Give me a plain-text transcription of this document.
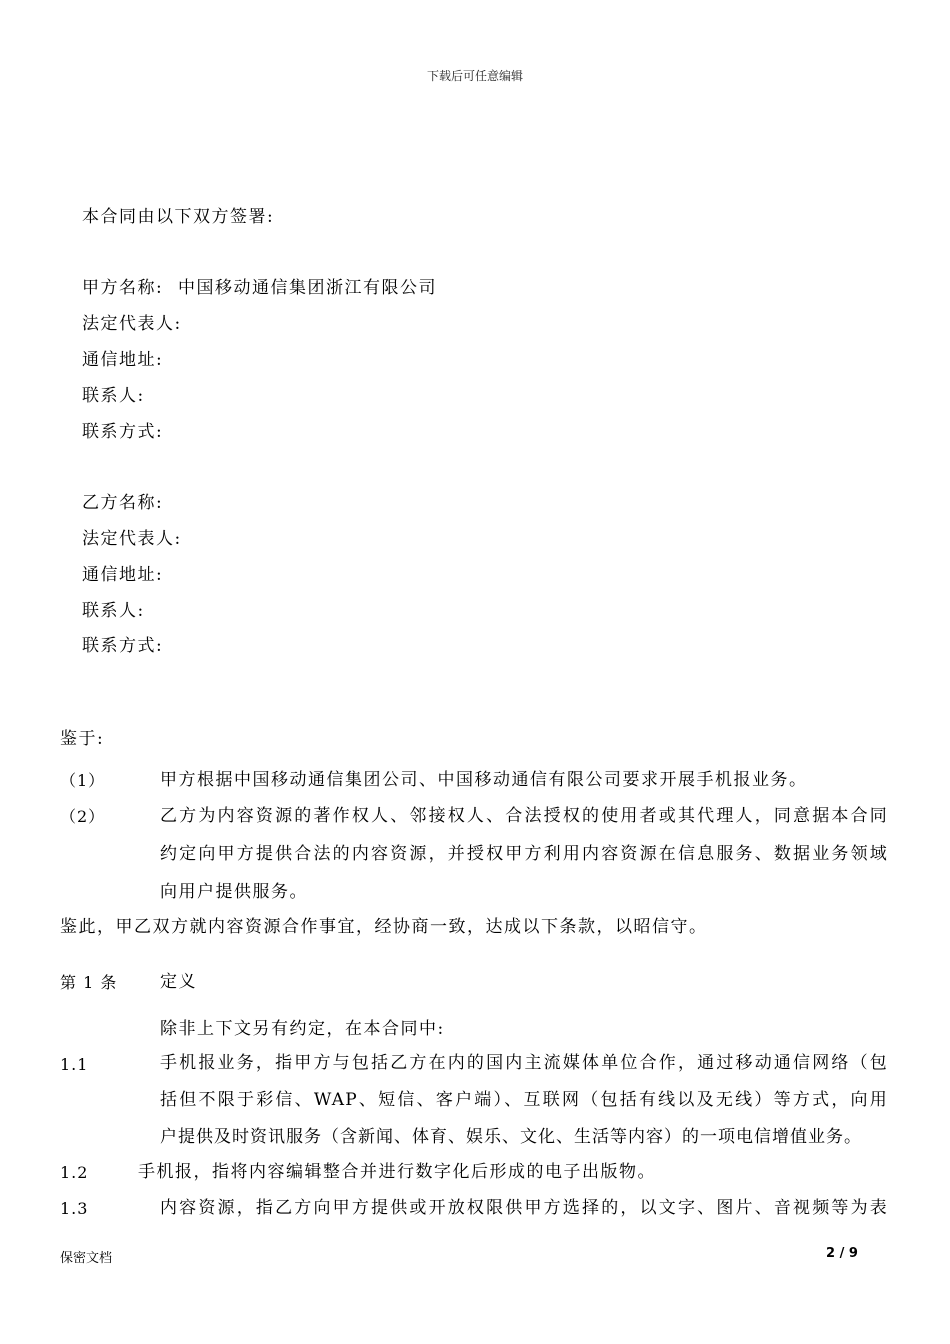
下载后可任意编辑
本合同由以下双方签署:
甲方名称: 中国移动通信集团浙江有限公司
法定代表人:
通信地址:
联系人:
联系方式:
乙方名称:
法定代表人:
通信地址:
联系人:
联系方式:
鉴于:
（1）	甲方根据中国移动通信集团公司、中国移动通信有限公司要求开展手机报业务。
（2）	乙方为内容资源的著作权人、邻接权人、合法授权的使用者或其代理人，同意据本合同
约定向甲方提供合法的内容资源，并授权甲方利用内容资源在信息服务、数据业务领域
向用户提供服务。
鉴此，甲乙双方就内容资源合作事宜，经协商一致，达成以下条款，以昭信守。
第 1 条	定义
除非上下文另有约定，在本合同中:
1.1	手机报业务，指甲方与包括乙方在内的国内主流媒体单位合作，通过移动通信网络（包
括但不限于彩信、WAP、短信、客户端）、互联网（包括有线以及无线）等方式，向用
户提供及时资讯服务（含新闻、体育、娱乐、文化、生活等内容）的一项电信增值业务。
1.2	手机报，指将内容编辑整合并进行数字化后形成的电子出版物。
1.3	内容资源，指乙方向甲方提供或开放权限供甲方选择的，以文字、图片、音视频等为表
保密文档	2 / 9
